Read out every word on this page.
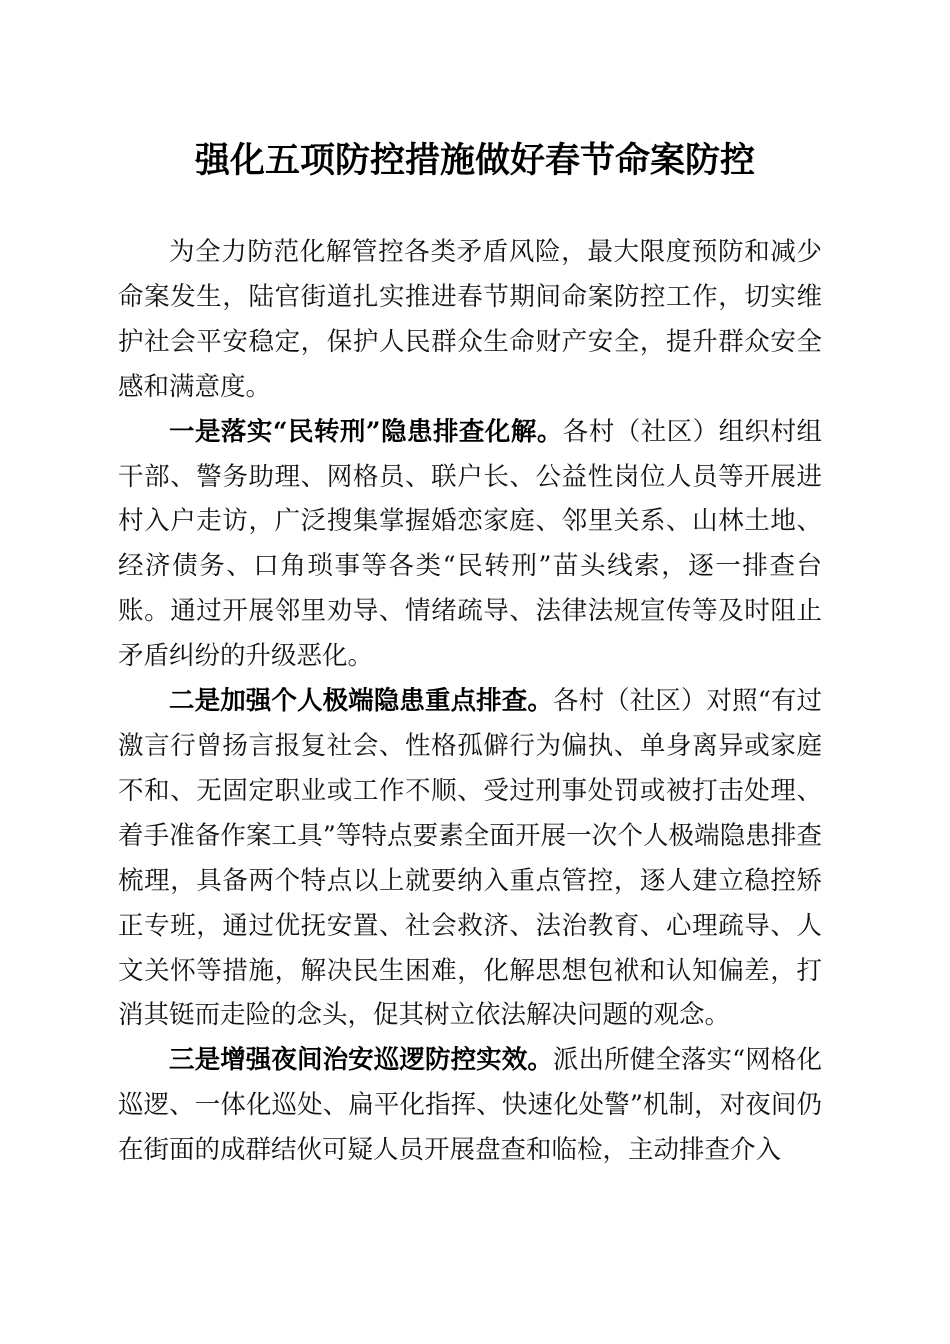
强化五项防控措施做好春节命案防控

为全力防范化解管控各类矛盾风险，最大限度预防和减少命案发生，陆官街道扎实推进春节期间命案防控工作，切实维护社会平安稳定，保护人民群众生命财产安全，提升群众安全感和满意度。

一是落实“民转刑”隐患排查化解。各村（社区）组织村组干部、警务助理、网格员、联户长、公益性岗位人员等开展进村入户走访，广泛搜集掌握婚恋家庭、邻里关系、山林土地、经济债务、口角琐事等各类“民转刑”苗头线索，逐一排查台账。通过开展邻里劝导、情绪疏导、法律法规宣传等及时阻止矛盾纠纷的升级恶化。

二是加强个人极端隐患重点排查。各村（社区）对照“有过激言行曾扬言报复社会、性格孤僻行为偏执、单身离异或家庭不和、无固定职业或工作不顺、受过刑事处罚或被打击处理、着手准备作案工具”等特点要素全面开展一次个人极端隐患排查梳理，具备两个特点以上就要纳入重点管控，逐人建立稳控矫正专班，通过优抚安置、社会救济、法治教育、心理疏导、人文关怀等措施，解决民生困难，化解思想包袱和认知偏差，打消其铤而走险的念头，促其树立依法解决问题的观念。

三是增强夜间治安巡逻防控实效。派出所健全落实“网格化巡逻、一体化巡处、扁平化指挥、快速化处警”机制，对夜间仍在街面的成群结伙可疑人员开展盘查和临检，主动排查介入
